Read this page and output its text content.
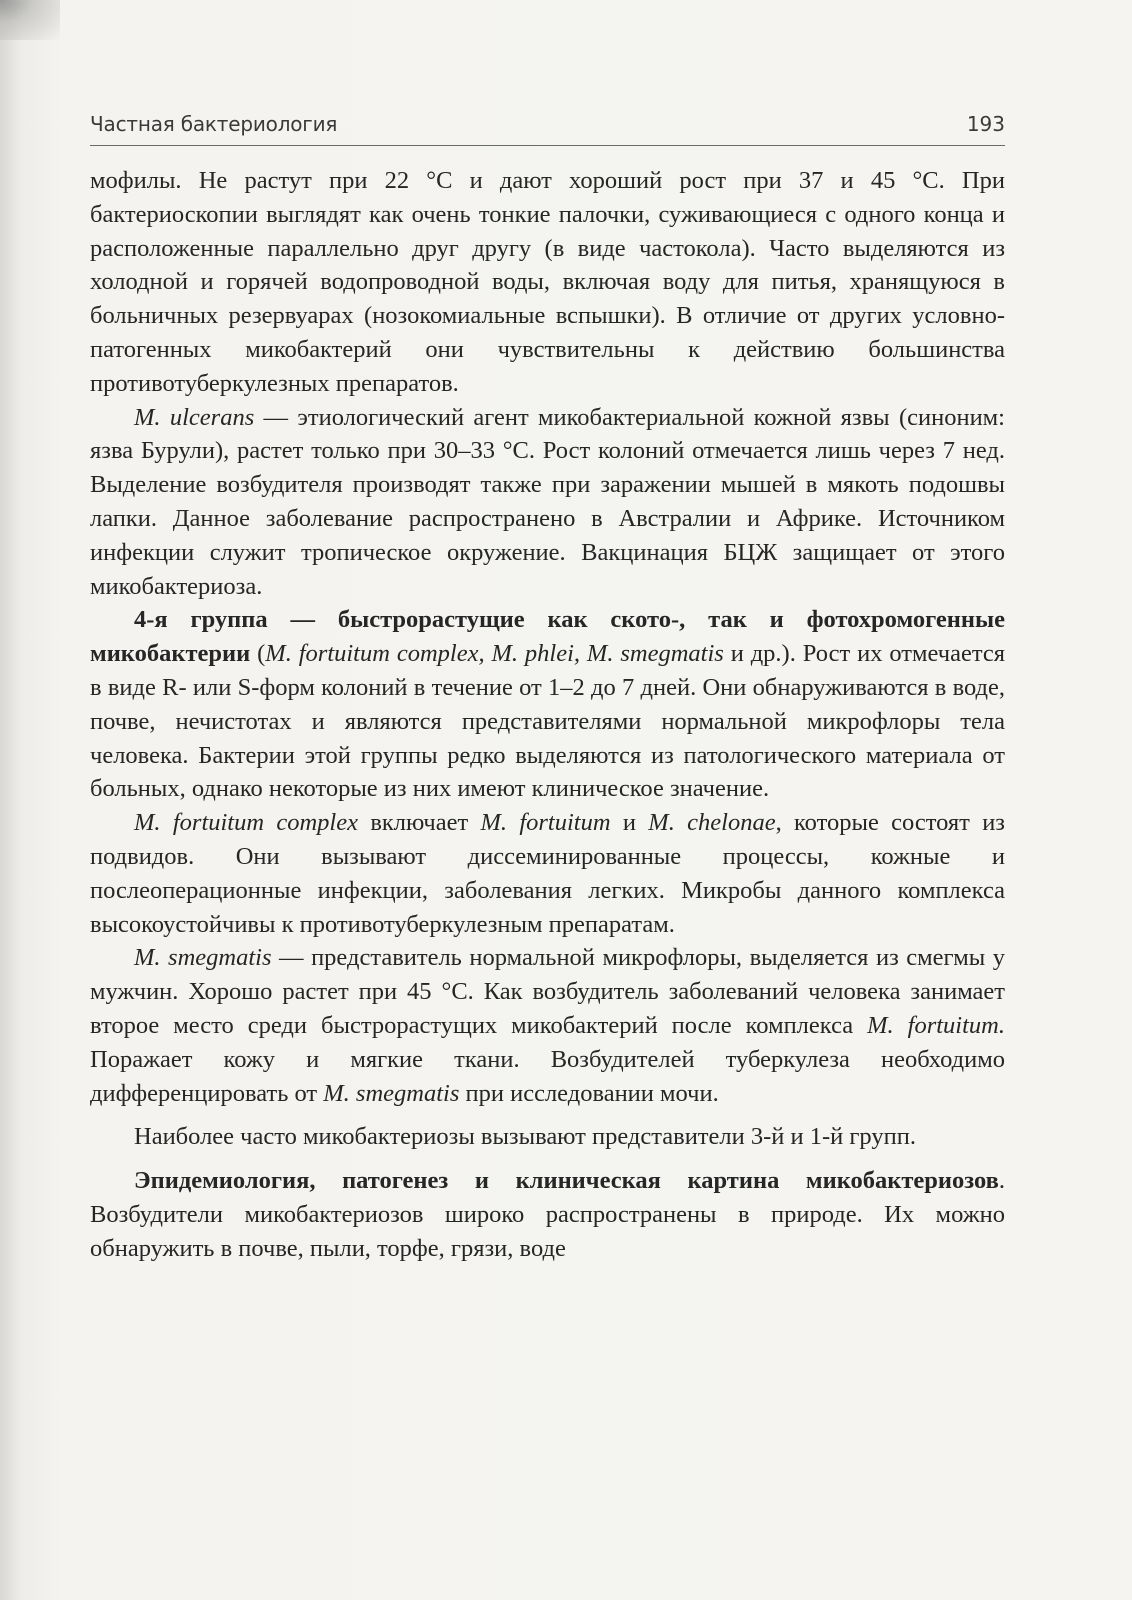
Частная бактериология	193

мофилы. Не растут при 22 °С и дают хороший рост при 37 и 45 °С. При бактериоскопии выглядят как очень тонкие палочки, суживающиеся с одного конца и расположенные параллельно друг другу (в виде частокола). Часто выделяются из холодной и горячей водопроводной воды, включая воду для питья, хранящуюся в больничных резервуарах (нозокомиальные вспышки). В отличие от других условно-патогенных микобактерий они чувствительны к действию большинства противотуберкулезных препаратов.

M. ulcerans — этиологический агент микобактериальной кожной язвы (синоним: язва Бурули), растет только при 30–33 °С. Рост колоний отмечается лишь через 7 нед. Выделение возбудителя производят также при заражении мышей в мякоть подошвы лапки. Данное заболевание распространено в Австралии и Африке. Источником инфекции служит тропическое окружение. Вакцинация БЦЖ защищает от этого микобактериоза.

4-я группа — быстрорастущие как ското-, так и фотохромогенные микобактерии (M. fortuitum complex, M. phlei, M. smegmatis и др.). Рост их отмечается в виде R- или S-форм колоний в течение от 1–2 до 7 дней. Они обнаруживаются в воде, почве, нечистотах и являются представителями нормальной микрофлоры тела человека. Бактерии этой группы редко выделяются из патологического материала от больных, однако некоторые из них имеют клиническое значение.

M. fortuitum complex включает M. fortuitum и M. chelonae, которые состоят из подвидов. Они вызывают диссеминированные процессы, кожные и послеоперационные инфекции, заболевания легких. Микробы данного комплекса высокоустойчивы к противотуберкулезным препаратам.

M. smegmatis — представитель нормальной микрофлоры, выделяется из смегмы у мужчин. Хорошо растет при 45 °С. Как возбудитель заболеваний человека занимает второе место среди быстрорастущих микобактерий после комплекса M. fortuitum. Поражает кожу и мягкие ткани. Возбудителей туберкулеза необходимо дифференцировать от M. smegmatis при исследовании мочи.

Наиболее часто микобактериозы вызывают представители 3-й и 1-й групп.

Эпидемиология, патогенез и клиническая картина микобактериозов. Возбудители микобактериозов широко распространены в природе. Их можно обнаружить в почве, пыли, торфе, грязи, воде
